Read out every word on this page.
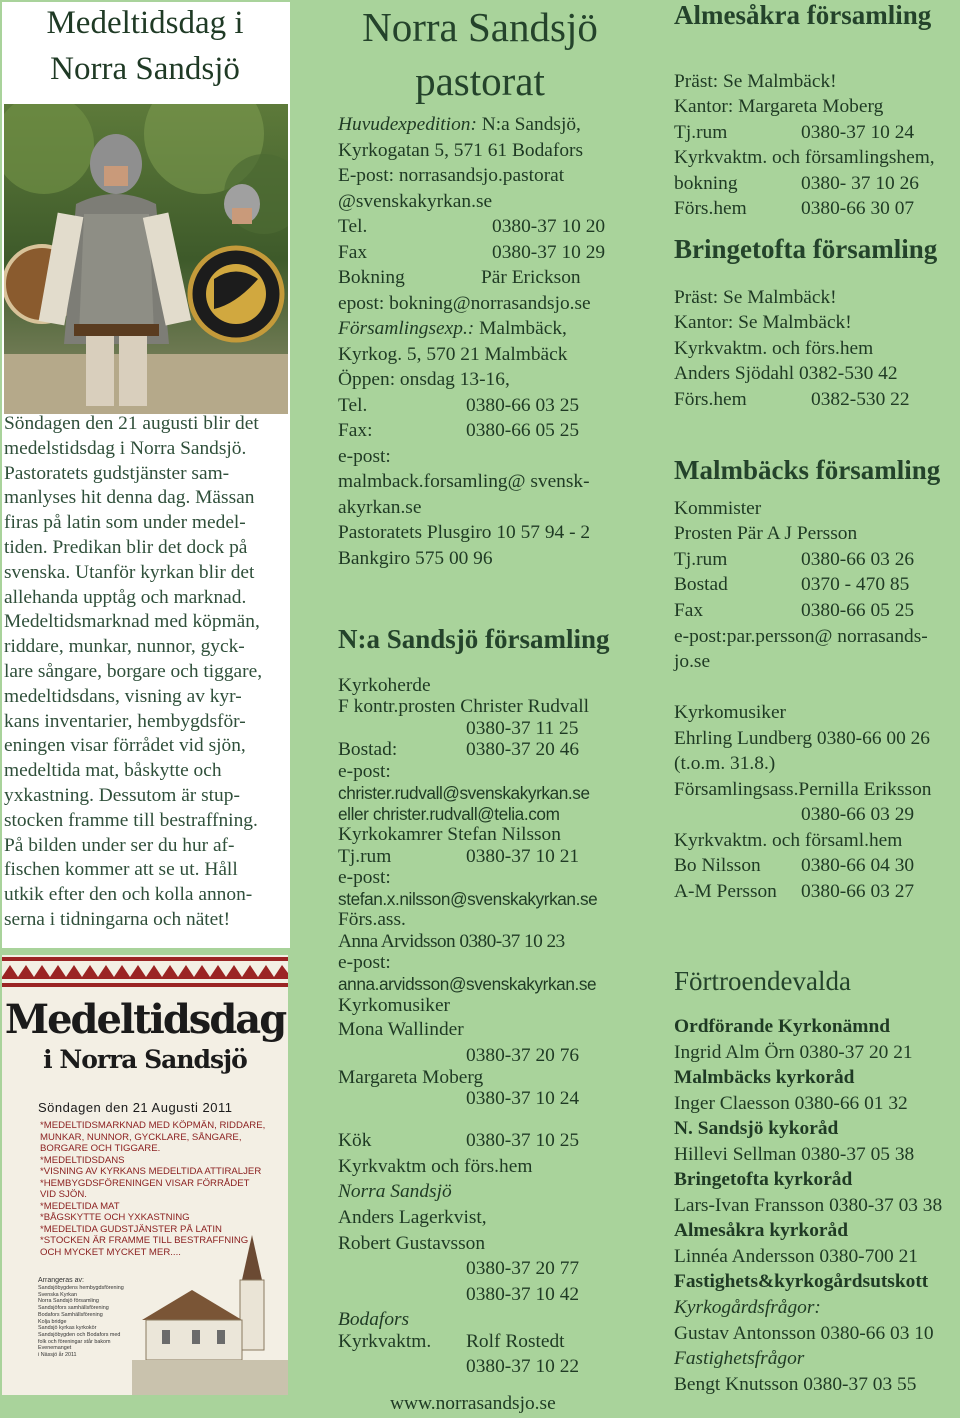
Medeltidsdag i
Norra Sandsjö
Söndagen den 21 augusti blir det
medelstidsdag i Norra Sandsjö.
Pastoratets gudstjänster sam-
manlyses hit denna dag. Mässan
firas på latin som under medel-
tiden. Predikan blir det dock på
svenska. Utanför kyrkan blir det
allehanda upptåg och marknad.
Medeltidsmarknad med köpmän,
riddare, munkar, nunnor, gyck-
lare sångare, borgare och tiggare,
medeltidsdans, visning av kyr-
kans inventarier, hembygdsför-
eningen visar förrådet vid sjön,
medeltida mat, båskytte och
yxkastning. Dessutom är stup-
stocken framme till bestraffning.
På bilden under ser du hur af-
fischen kommer att se ut. Håll
utkik efter den och kolla annon-
serna i tidningarna och nätet!
Medeltidsdag
i Norra Sandsjö
Söndagen den 21 Augusti 2011
*MEDELTIDSMARKNAD MED KÖPMÄN, RIDDARE,
MUNKAR, NUNNOR, GYCKLARE, SÅNGARE,
BORGARE OCH TIGGARE.
*MEDELTIDSDANS
*VISNING AV KYRKANS MEDELTIDA ATTIRALJER
*HEMBYGDSFÖRENINGEN VISAR FÖRRÅDET
VID SJÖN.
*MEDELTIDA MAT
*BÅGSKYTTE OCH YXKASTNING
*MEDELTIDA GUDSTJÄNSTER PÅ LATIN
*STOCKEN ÄR FRAMME TILL BESTRAFFNING
OCH MYCKET MYCKET MER....
Arrangeras av:
Sandsjöbygdens hembygdsförening
Svenska Kyrkan
Norra Sandsjö församling
Sandsjöfors samhällsförening
Bodafors Samhällsförening
Kolja bridge
Sandsjö kyrkas kyrkokör
Sandsjöbygden och Bodafors med
folk och föreningar står bakom
Evenemanget
i Nässjö år 2011
Norra Sandsjö
pastorat
Huvudexpedition: N:a Sandsjö,
Kyrkogatan 5, 571 61 Bodafors
E-post: norrasandsjo.pastorat
@svenskakyrkan.se
Tel.	0380-37 10 20
Fax	0380-37 10 29
Bokning	Pär Erickson
epost: bokning@norrasandsjo.se
Församlingsexp.: Malmbäck,
Kyrkog. 5, 570 21 Malmbäck
Öppen: onsdag 13-16,
Tel.	0380-66 03 25
Fax:	0380-66 05 25
e-post:
malmback.forsamling@ svensk-
akyrkan.se
Pastoratets Plusgiro 10 57 94 - 2
Bankgiro 575 00 96
N:a Sandsjö församling
Kyrkoherde
F kontr.prosten Christer Rudvall
0380-37 11 25
Bostad:	0380-37 20 46
e-post:
christer.rudvall@svenskakyrkan.se
eller christer.rudvall@telia.com
Kyrkokamrer Stefan Nilsson
Tj.rum	0380-37 10 21
e-post:
stefan.x.nilsson@svenskakyrkan.se
Förs.ass.
Anna Arvidsson 0380-37 10 23
e-post:
anna.arvidsson@svenskakyrkan.se
Kyrkomusiker
Mona Wallinder
0380-37 20 76
Margareta Moberg
0380-37 10 24
Kök	0380-37 10 25
Kyrkvaktm och förs.hem
Norra Sandsjö
Anders Lagerkvist,
Robert Gustavsson
0380-37 20 77
0380-37 10 42
Bodafors
Kyrkvaktm. Rolf Rostedt
0380-37 10 22
www.norrasandsjo.se
Almesåkra församling
Präst: Se Malmbäck!
Kantor: Margareta Moberg
Tj.rum	0380-37 10 24
Kyrkvaktm. och församlingshem,
bokning	0380- 37 10 26
Förs.hem	0380-66 30 07
Bringetofta församling
Präst: Se Malmbäck!
Kantor: Se Malmbäck!
Kyrkvaktm. och förs.hem
Anders Sjödahl 0382-530 42
Förs.hem	0382-530 22
Malmbäcks församling
Kommister
Prosten Pär A J Persson
Tj.rum	0380-66 03 26
Bostad	0370 - 470 85
Fax	0380-66 05 25
e-post:par.persson@ norrasands-
jo.se
Kyrkomusiker
Ehrling Lundberg 0380-66 00 26
(t.o.m. 31.8.)
Församlingsass.Pernilla Eriksson
0380-66 03 29
Kyrkvaktm. och församl.hem
Bo Nilsson 0380-66 04 30
A-M Persson 0380-66 03 27
Förtroendevalda
Ordförande Kyrkonämnd
Ingrid Alm Örn 0380-37 20 21
Malmbäcks kyrkoråd
Inger Claesson 0380-66 01 32
N. Sandsjö kykoråd
Hillevi Sellman 0380-37 05 38
Bringetofta kyrkoråd
Lars-Ivan Fransson 0380-37 03 38
Almesåkra kyrkoråd
Linnéa Andersson 0380-700 21
Fastighets&kyrkogårdsutskott
Kyrkogårdsfrågor:
Gustav Antonsson 0380-66 03 10
Fastighetsfrågor
Bengt Knutsson 0380-37 03 55
